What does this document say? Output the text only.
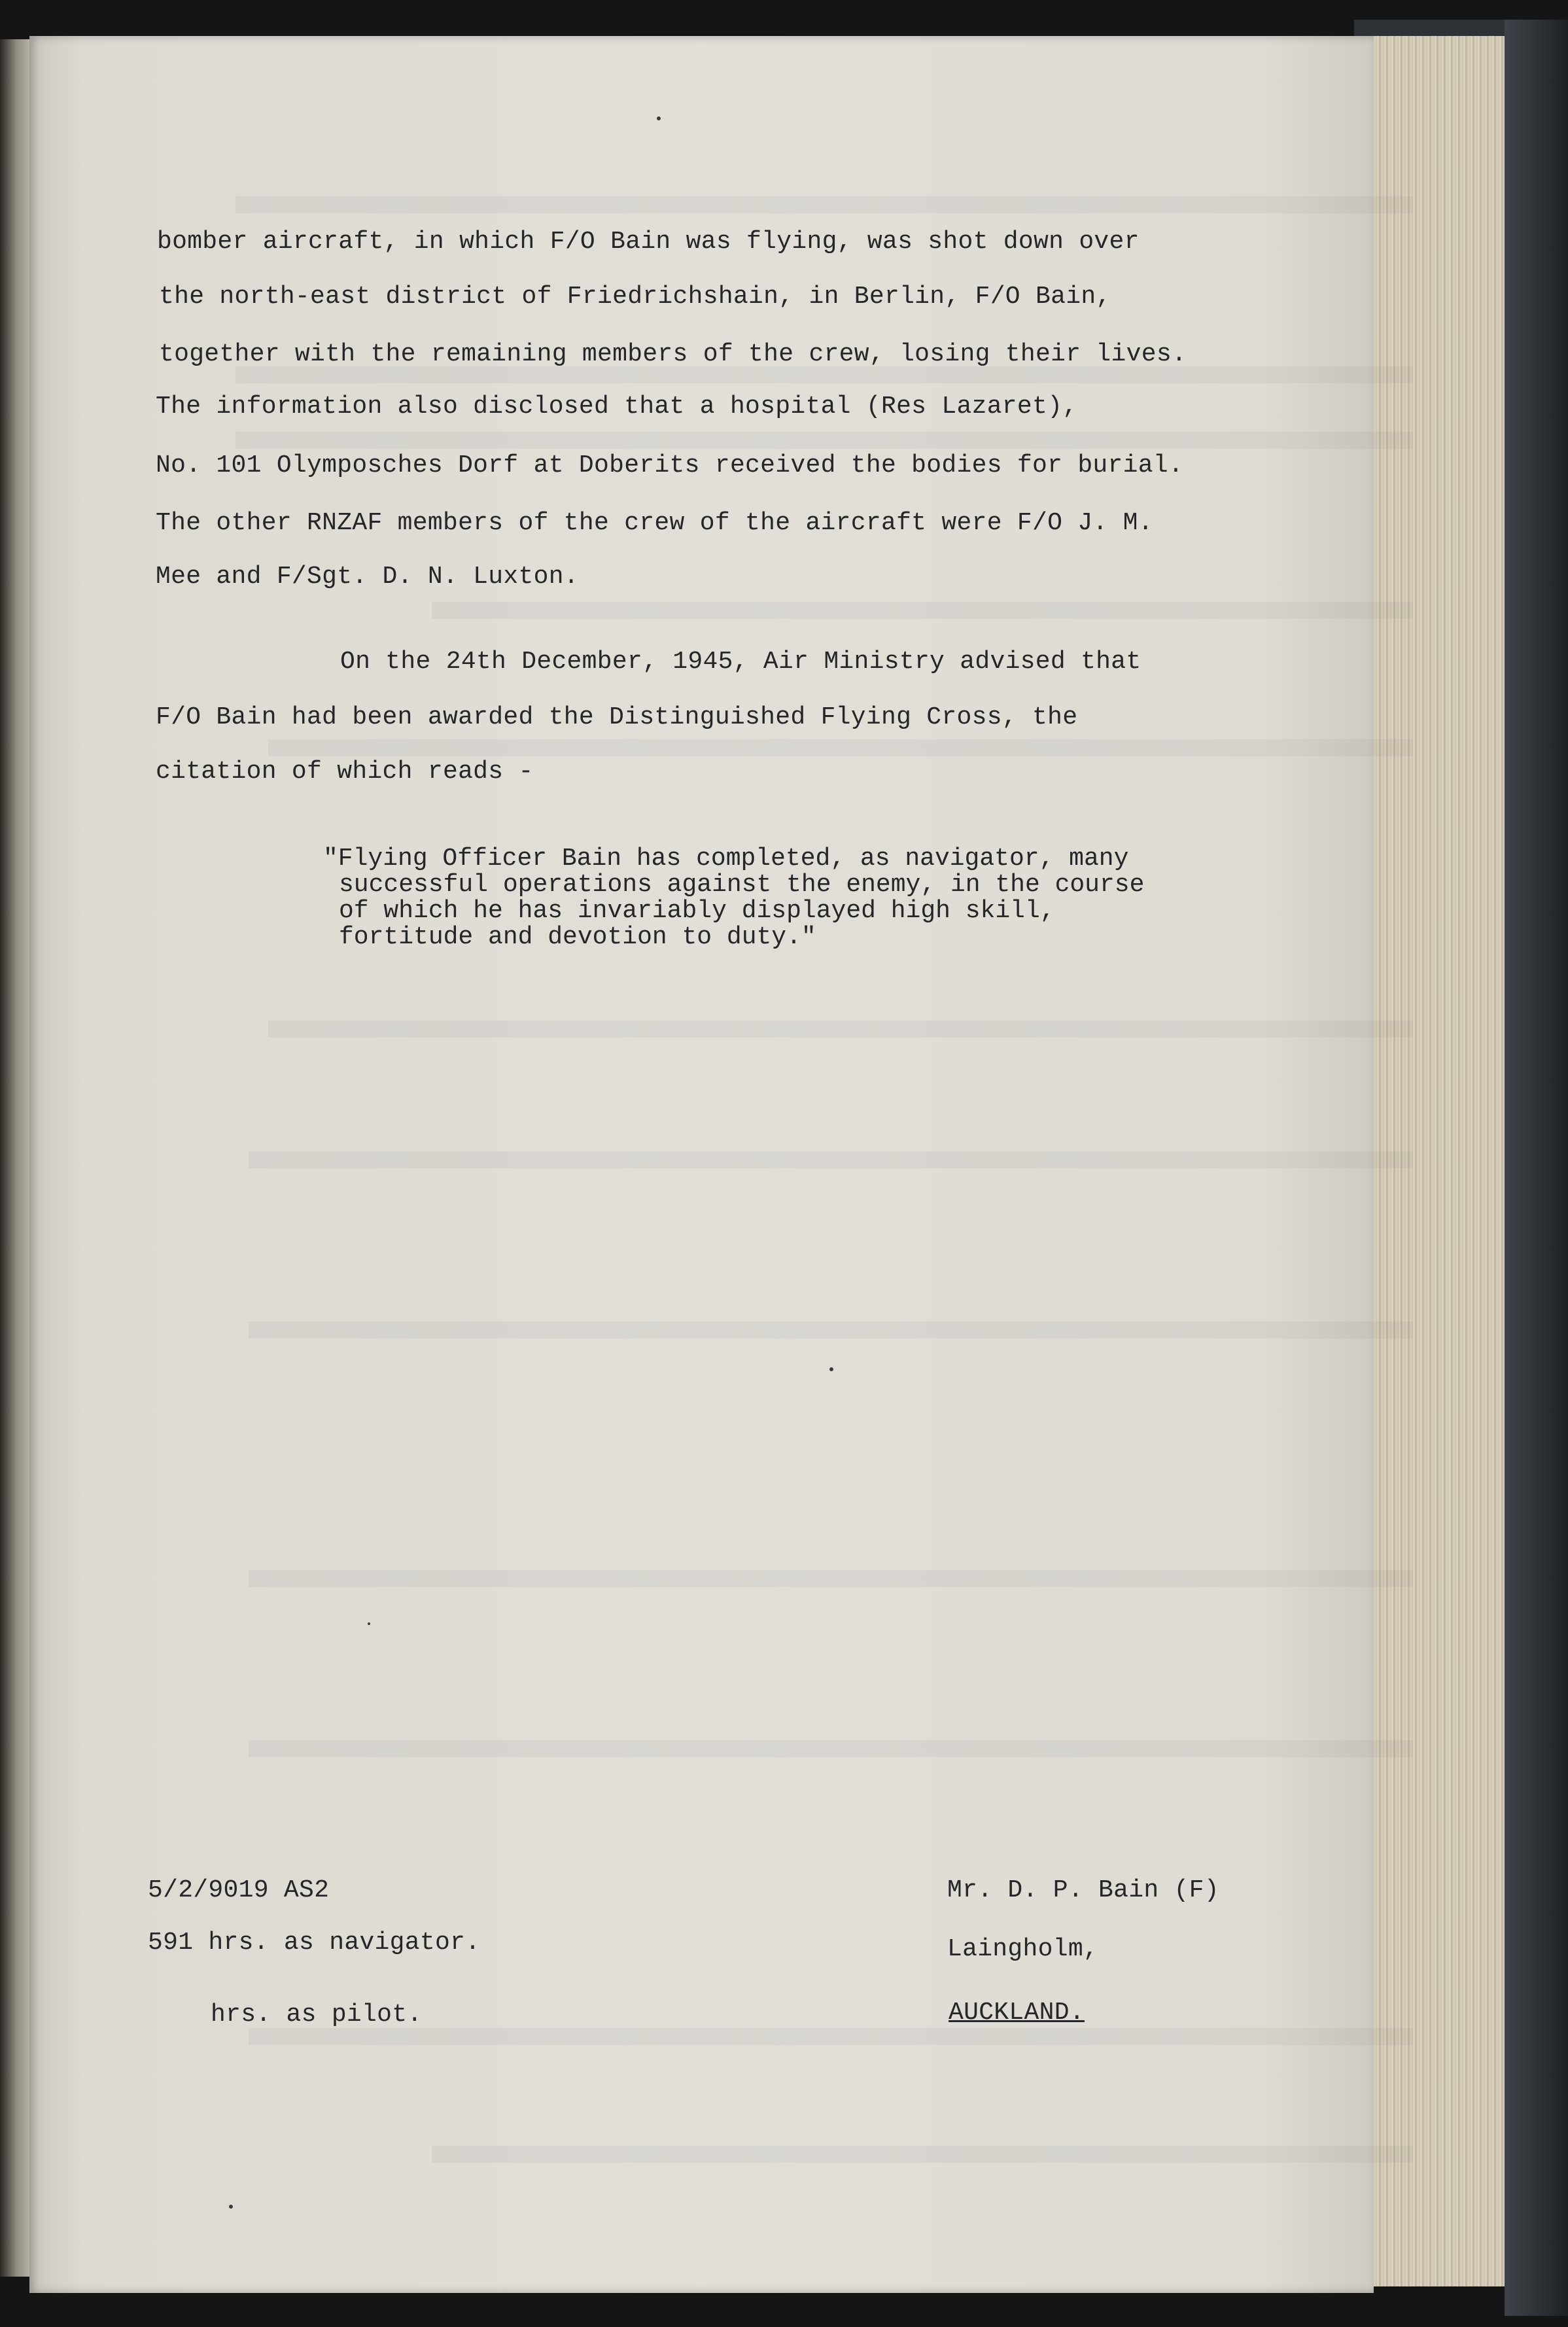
bomber aircraft, in which F/O Bain was flying, was shot down over
the north-east district of Friedrichshain, in Berlin, F/O Bain,
together with the remaining members of the crew, losing their lives.
The information also disclosed that a hospital (Res Lazaret),
No. 101 Olymposches Dorf at Doberits received the bodies for burial.
The other RNZAF members of the crew of the aircraft were F/O J. M.
Mee and F/Sgt. D. N. Luxton.
On the 24th December, 1945, Air Ministry advised that
F/O Bain had been awarded the Distinguished Flying Cross, the
citation of which reads -
"Flying Officer Bain has completed, as navigator, many
successful operations against the enemy, in the course
of which he has invariably displayed high skill,
fortitude and devotion to duty."
5/2/9019 AS2
591 hrs. as navigator.
hrs. as pilot.
Mr. D. P. Bain (F)
Laingholm,
AUCKLAND.
